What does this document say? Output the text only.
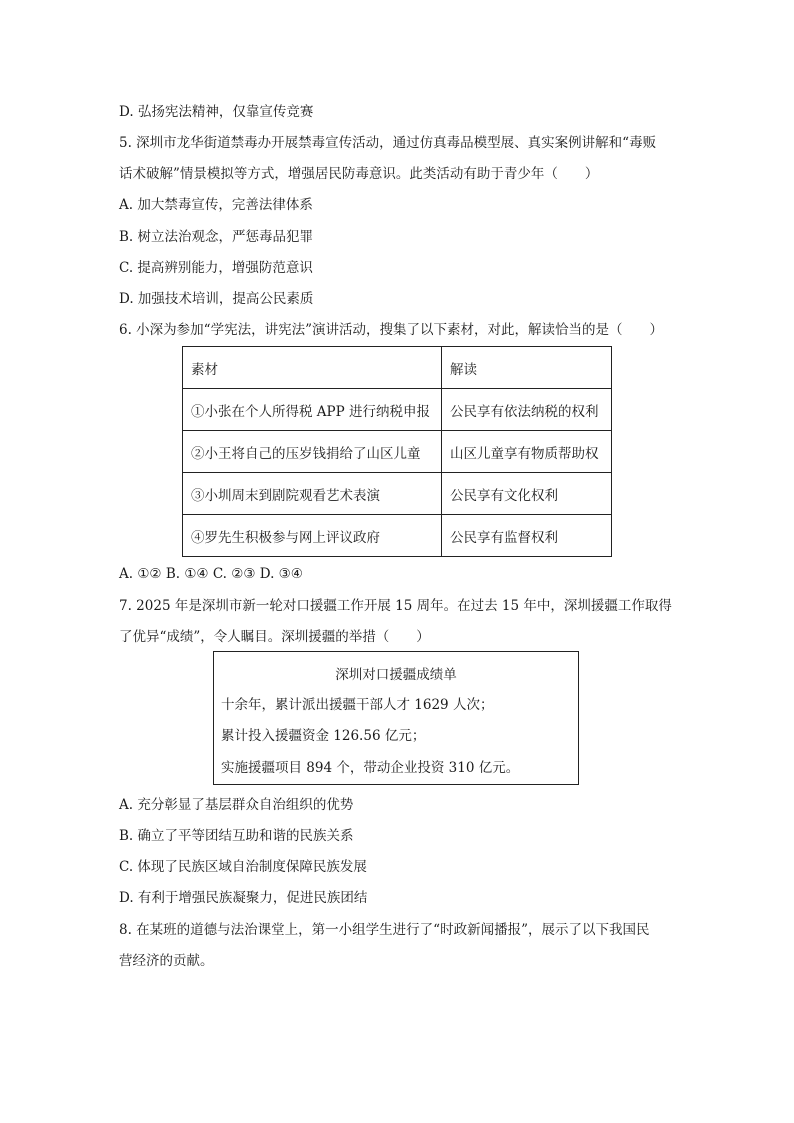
D. 弘扬宪法精神，仅靠宣传竞赛
5. 深圳市龙华街道禁毒办开展禁毒宣传活动，通过仿真毒品模型展、真实案例讲解和“毒贩
话术破解”情景模拟等方式，增强居民防毒意识。此类活动有助于青少年（　　）
A. 加大禁毒宣传，完善法律体系
B. 树立法治观念，严惩毒品犯罪
C. 提高辨别能力，增强防范意识
D. 加强技术培训，提高公民素质
6. 小深为参加“学宪法，讲宪法”演讲活动，搜集了以下素材，对此，解读恰当的是（　　）
素材	解读
①小张在个人所得税 APP 进行纳税申报	公民享有依法纳税的权利
②小王将自己的压岁钱捐给了山区儿童	山区儿童享有物质帮助权
③小圳周末到剧院观看艺术表演	公民享有文化权利
④罗先生积极参与网上评议政府	公民享有监督权利
A. ①② B. ①④ C. ②③ D. ③④
7. 2025 年是深圳市新一轮对口援疆工作开展 15 周年。在过去 15 年中，深圳援疆工作取得
了优异“成绩”，令人瞩目。深圳援疆的举措（　　）
深圳对口援疆成绩单
十余年，累计派出援疆干部人才 1629 人次；
累计投入援疆资金 126.56 亿元；
实施援疆项目 894 个，带动企业投资 310 亿元。
A. 充分彰显了基层群众自治组织的优势
B. 确立了平等团结互助和谐的民族关系
C. 体现了民族区域自治制度保障民族发展
D. 有利于增强民族凝聚力，促进民族团结
8. 在某班的道德与法治课堂上，第一小组学生进行了“时政新闻播报”，展示了以下我国民
营经济的贡献。
